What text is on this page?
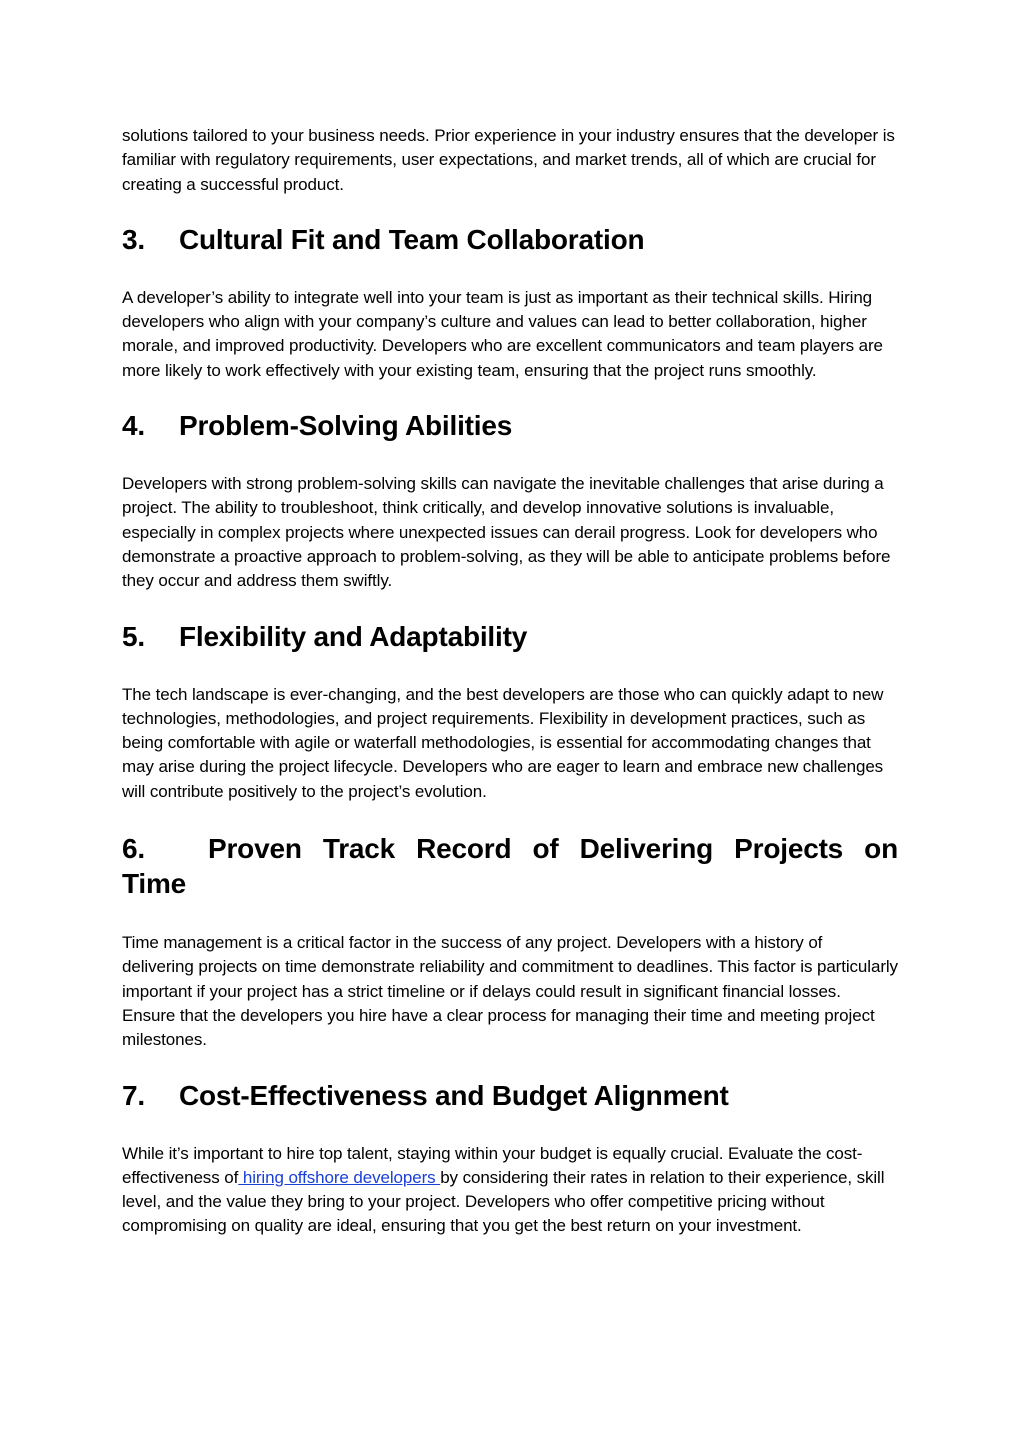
solutions tailored to your business needs. Prior experience in your industry ensures that the developer is familiar with regulatory requirements, user expectations, and market trends, all of which are crucial for creating a successful product.

3.	Cultural Fit and Team Collaboration

A developer’s ability to integrate well into your team is just as important as their technical skills. Hiring developers who align with your company’s culture and values can lead to better collaboration, higher morale, and improved productivity. Developers who are excellent communicators and team players are more likely to work effectively with your existing team, ensuring that the project runs smoothly.

4.	Problem-Solving Abilities

Developers with strong problem-solving skills can navigate the inevitable challenges that arise during a project. The ability to troubleshoot, think critically, and develop innovative solutions is invaluable, especially in complex projects where unexpected issues can derail progress. Look for developers who demonstrate a proactive approach to problem-solving, as they will be able to anticipate problems before they occur and address them swiftly.

5.	Flexibility and Adaptability

The tech landscape is ever-changing, and the best developers are those who can quickly adapt to new technologies, methodologies, and project requirements. Flexibility in development practices, such as being comfortable with agile or waterfall methodologies, is essential for accommodating changes that may arise during the project lifecycle. Developers who are eager to learn and embrace new challenges will contribute positively to the project’s evolution.

6. Proven Track Record of Delivering Projects on Time

Time management is a critical factor in the success of any project. Developers with a history of delivering projects on time demonstrate reliability and commitment to deadlines. This factor is particularly important if your project has a strict timeline or if delays could result in significant financial losses. Ensure that the developers you hire have a clear process for managing their time and meeting project milestones.

7.	Cost-Effectiveness and Budget Alignment

While it’s important to hire top talent, staying within your budget is equally crucial. Evaluate the cost-effectiveness of hiring offshore developers by considering their rates in relation to their experience, skill level, and the value they bring to your project. Developers who offer competitive pricing without compromising on quality are ideal, ensuring that you get the best return on your investment.
